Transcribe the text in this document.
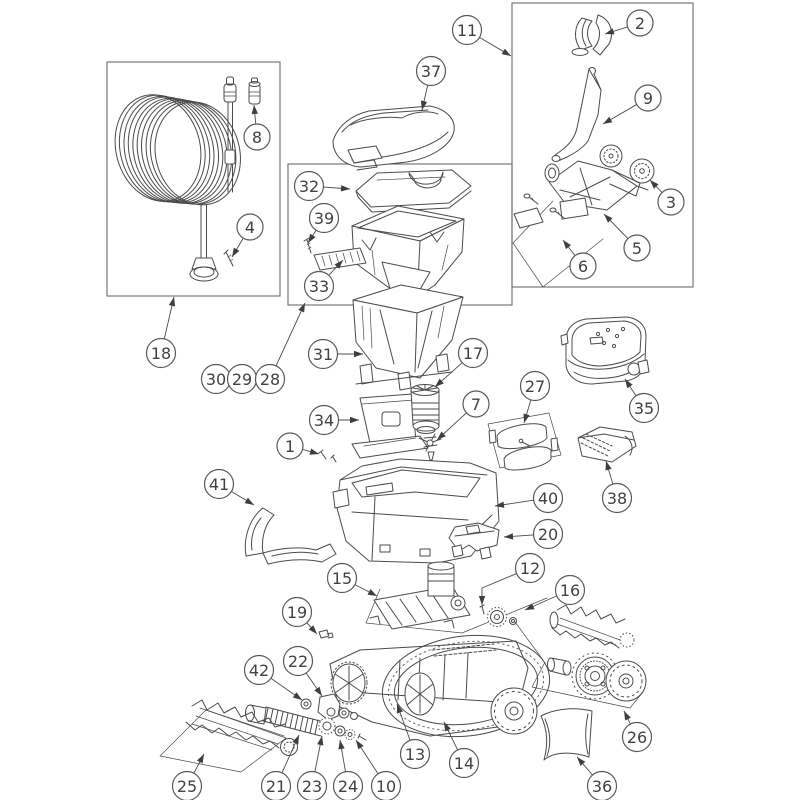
2
9
3
5
6
11
37
8
4
18
32
39
33
30 29 28
31
34
1
17
7
27
35
38
40
20
41
15
12
16
19
42 22
25	21 23 24 10
13 14
26
36
